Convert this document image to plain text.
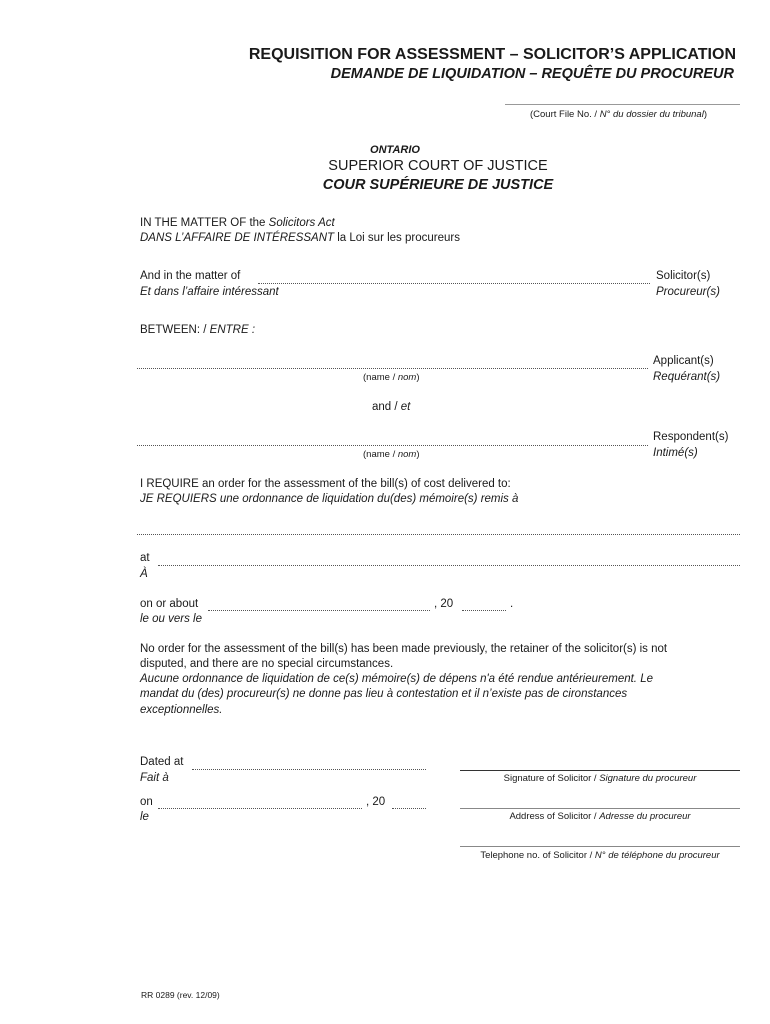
REQUISITION FOR ASSESSMENT – SOLICITOR’S APPLICATION
DEMANDE DE LIQUIDATION – REQUÊTE DU PROCUREUR
(Court File No. / N° du dossier du tribunal)
ONTARIO
SUPERIOR COURT OF JUSTICE
COUR SUPÉRIEURE DE JUSTICE
IN THE MATTER OF the Solicitors Act
DANS L’AFFAIRE DE INTÉRESSANT la Loi sur les procureurs
And in the matter of
Et dans l’affaire intéressant
Solicitor(s)
Procureur(s)
BETWEEN: / ENTRE :
(name / nom)
Applicant(s)
Requérant(s)
and / et
(name / nom)
Respondent(s)
Intimé(s)
I REQUIRE an order for the assessment of the bill(s) of cost delivered to:
JE REQUIERS une ordonnance de liquidation du(des) mémoire(s) remis à
at
À
on or about
le ou vers le
, 20	.
No order for the assessment of the bill(s) has been made previously, the retainer of the solicitor(s) is not
disputed, and there are no special circumstances.
Aucune ordonnance de liquidation de ce(s) mémoire(s) de dépens n'a été rendue antérieurement. Le
mandat du (des) procureur(s) ne donne pas lieu à contestation et il n’existe pas de cironstances
exceptionnelles.
Dated at
Fait à
on
le
, 20
Signature of Solicitor / Signature du procureur
Address of Solicitor / Adresse du procureur
Telephone no. of Solicitor / N° de téléphone du procureur
RR 0289 (rev. 12/09)
